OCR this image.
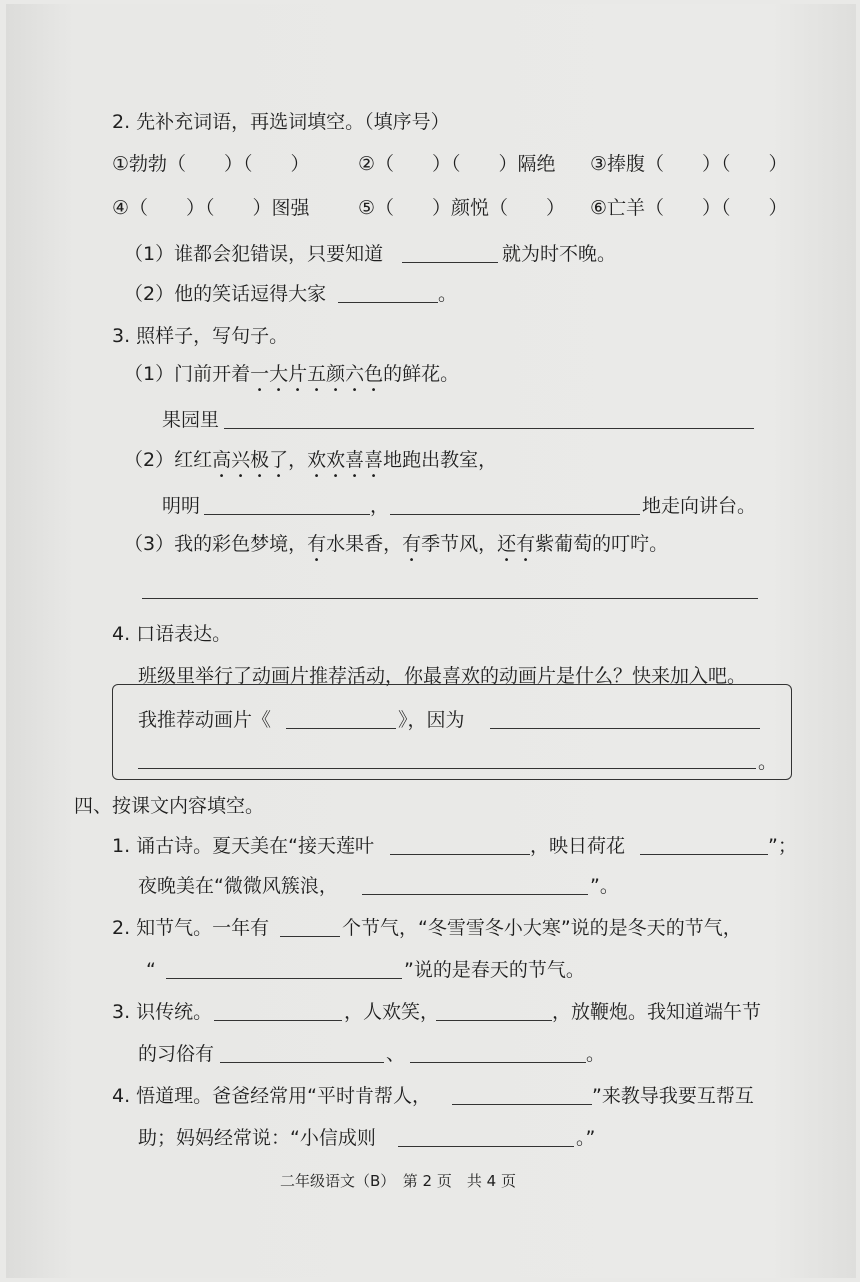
2. 先补充词语，再选词填空。（填序号）
①勃勃（　　）（　　）	②（　　）（　　）隔绝 ③捧腹（　　）（　　）
④（　　）（　　）图强	⑤（　　）颜悦（　　） ⑥亡羊（　　）（　　）
（1）谁都会犯错误，只要知道	就为时不晚。
（2）他的笑话逗得大家	。
3. 照样子，写句子。
（1）门前开着一大片五颜六色的鲜花。
果园里
（2）红红高兴极了，欢欢喜喜地跑出教室，
明明	，	地走向讲台。
（3）我的彩色梦境，有水果香，有季节风，还有紫葡萄的叮咛。
4. 口语表达。
班级里举行了动画片推荐活动，你最喜欢的动画片是什么？快来加入吧。
我推荐动画片《	》，因为
。
四、按课文内容填空。
1. 诵古诗。夏天美在“接天莲叶	，映日荷花	”；
夜晚美在“微微风簇浪，	”。
2. 知节气。一年有	个节气，“冬雪雪冬小大寒”说的是冬天的节气，
“	”说的是春天的节气。
3. 识传统。	，人欢笑，	，放鞭炮。我知道端午节
的习俗有	、	。
4. 悟道理。爸爸经常用“平时肯帮人，	”来教导我要互帮互
助；妈妈经常说：“小信成则	。”
二年级语文（B）　第 2 页　共 4 页
